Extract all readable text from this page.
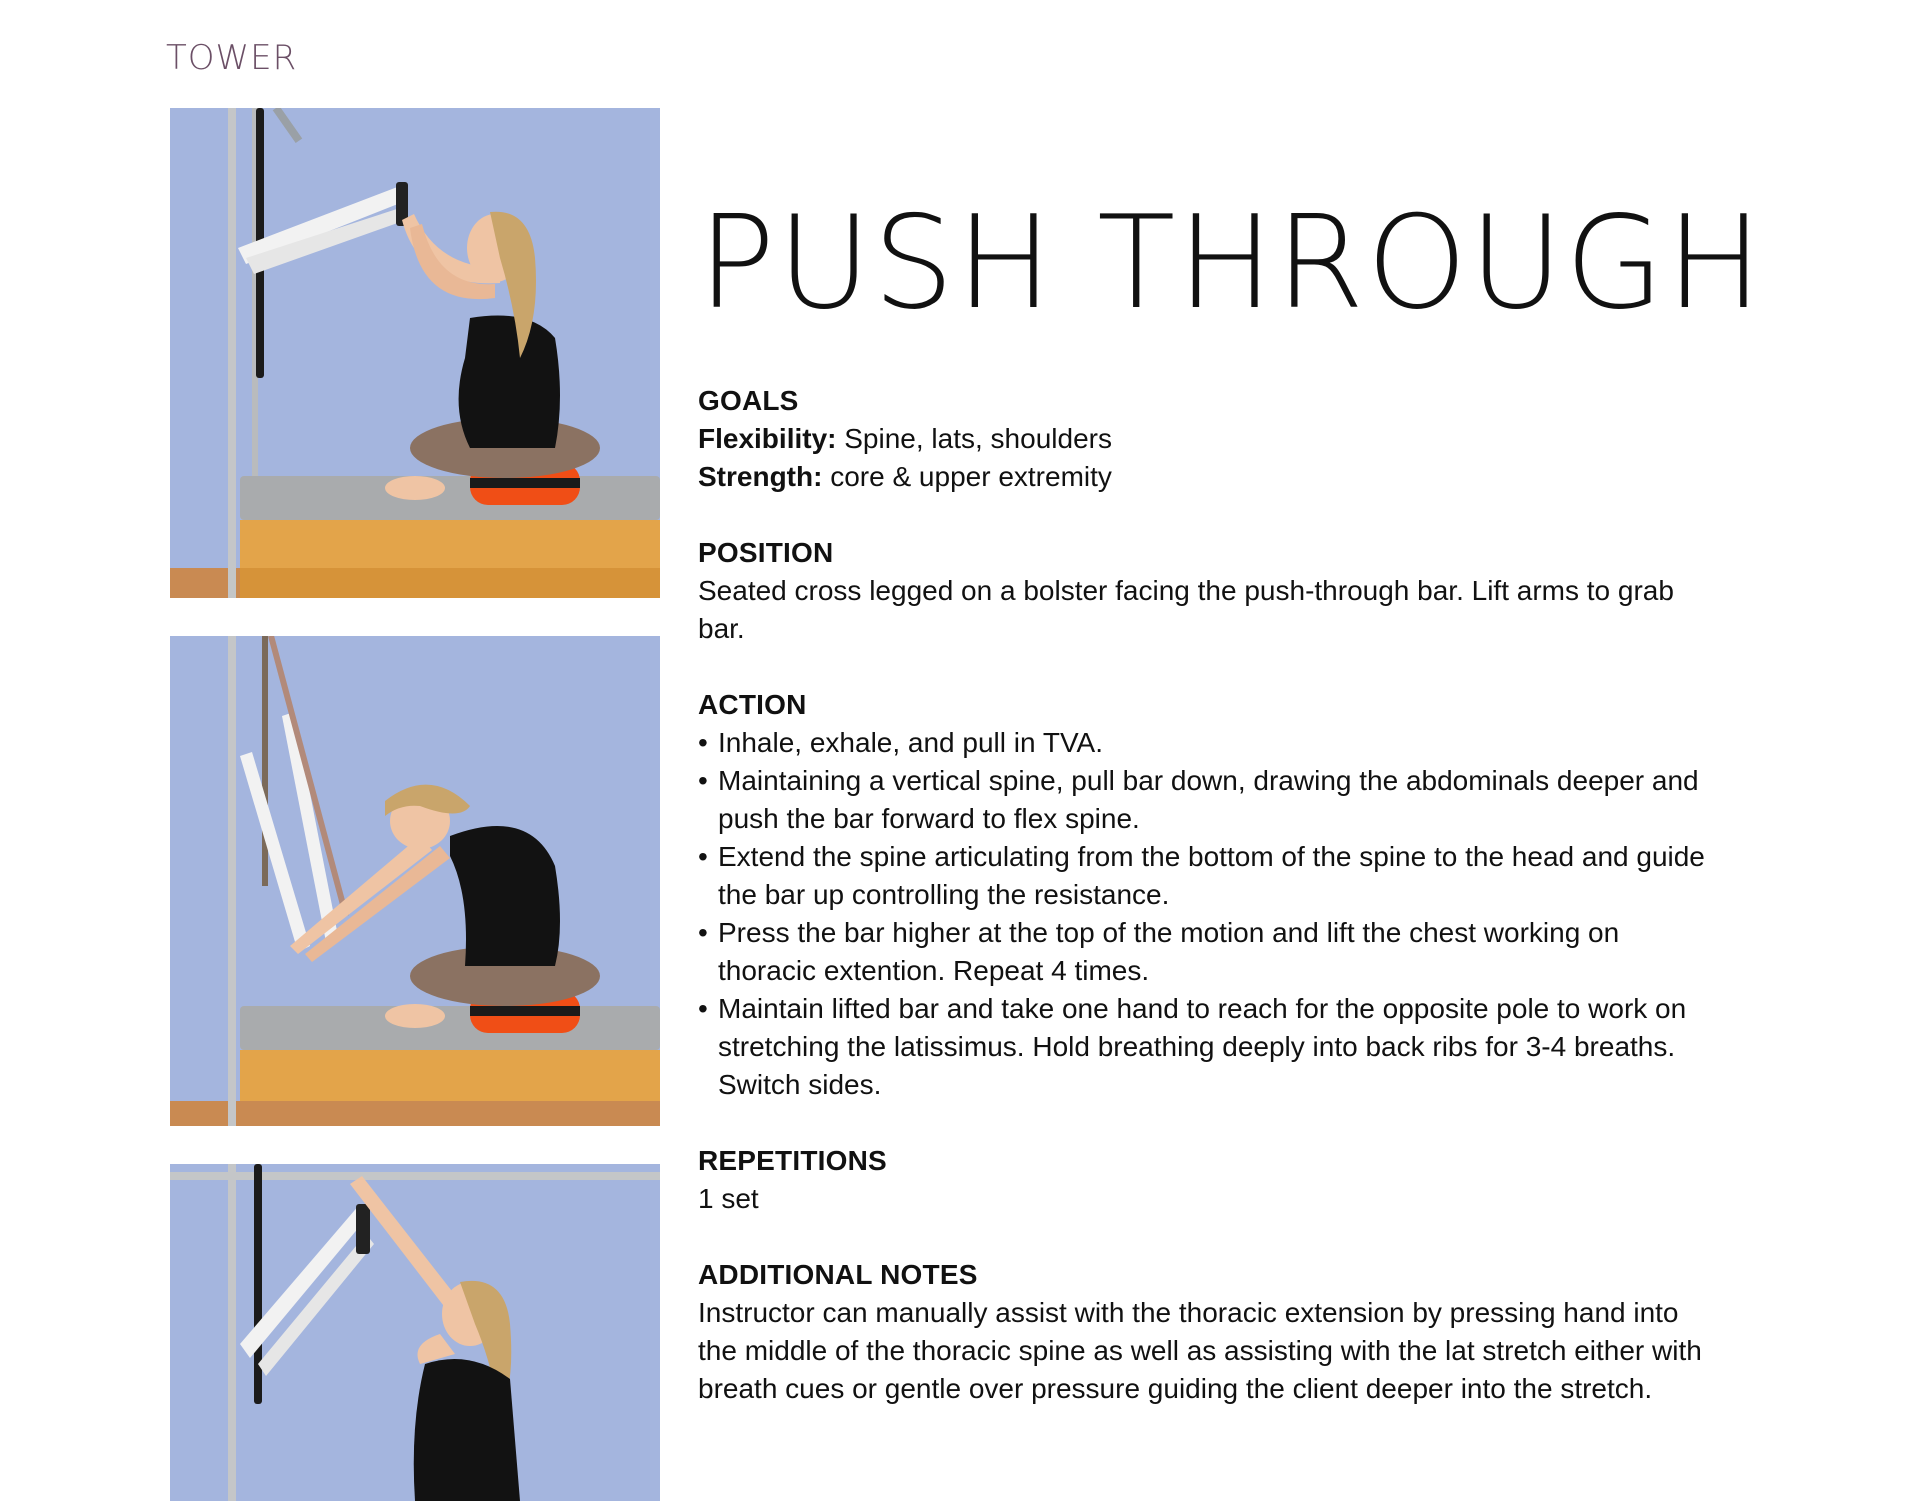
TOWER
PUSH THROUGH
GOALS

Flexibility: Spine, lats, shoulders

Strength: core & upper extremity

POSITION

Seated cross legged on a bolster facing the push-through bar. Lift arms to grab bar.

ACTION
• Inhale, exhale, and pull in TVA.
• Maintaining a vertical spine, pull bar down, drawing the abdominals deeper and push the bar forward to flex spine.
• Extend the spine articulating from the bottom of the spine to the head and guide the bar up controlling the resistance.
• Press the bar higher at the top of the motion and lift the chest working on thoracic extention. Repeat 4 times.
• Maintain lifted bar and take one hand to reach for the opposite pole to work on stretching the latissimus. Hold breathing deeply into back ribs for 3-4 breaths. Switch sides.
REPETITIONS

1 set

ADDITIONAL NOTES

Instructor can manually assist with the thoracic extension by pressing hand into the middle of the thoracic spine as well as assisting with the lat stretch either with breath cues or gentle over pressure guiding the client deeper into the stretch.
